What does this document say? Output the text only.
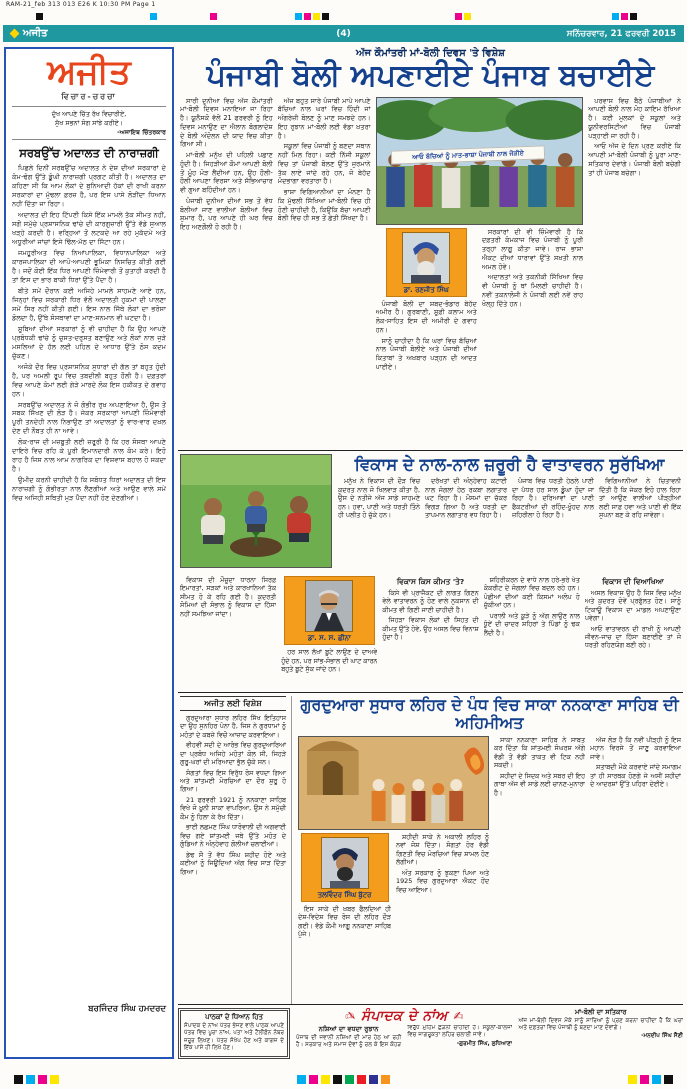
RAM-21_feb 313 013 E26 K 10:30 PM Page 1
ਅਜੀਤ	(4)	ਸਨਿੱਚਰਵਾਰ, 21 ਫਰਵਰੀ 2015
ਅਜੀਤ
ਵਿਚਾਰ-ਚਰਚਾ
ਦੁੱਖ ਆਪਣੇ ਚਿੱਤ ਰੱਖ ਵਿਚਾਰੀਏ,
ਸੁੱਖ ਸਭਨਾਂ ਸੰਗ ਸਾਂਝੇ ਕਰੀਏ।
-ਅਜਾਇਬ ਚਿੱਤਰਕਾਰ
ਸਰਬਉੱਚ ਅਦਾਲਤ ਦੀ ਨਾਰਾਜ਼ਗੀ

ਪਿਛਲੇ ਦਿਨੀਂ ਸਰਬਉੱਚ ਅਦਾਲਤ ਨੇ ਦੇਸ਼ ਦੀਆਂ ਸਰਕਾਰਾਂ ਦੇ ਕੰਮ-ਢੰਗ ਉੱਤੇ ਡੂੰਘੀ ਨਾਰਾਜ਼ਗੀ ਪ੍ਰਗਟ ਕੀਤੀ ਹੈ। ਅਦਾਲਤ ਦਾ ਕਹਿਣਾ ਸੀ ਕਿ ਆਮ ਲੋਕਾਂ ਦੇ ਬੁਨਿਆਦੀ ਹੱਕਾਂ ਦੀ ਰਾਖੀ ਕਰਨਾ ਸਰਕਾਰਾਂ ਦਾ ਮੁੱਢਲਾ ਫ਼ਰਜ਼ ਹੈ, ਪਰ ਇਸ ਪਾਸੇ ਲੋੜੀਂਦਾ ਧਿਆਨ ਨਹੀਂ ਦਿੱਤਾ ਜਾ ਰਿਹਾ।

ਅਦਾਲਤ ਦੀ ਇਹ ਟਿੱਪਣੀ ਕਿਸੇ ਇੱਕ ਮਾਮਲੇ ਤੱਕ ਸੀਮਤ ਨਹੀਂ, ਸਗੋਂ ਸਮੁੱਚੇ ਪ੍ਰਸ਼ਾਸਨਿਕ ਢਾਂਚੇ ਦੀ ਕਾਰਗੁਜ਼ਾਰੀ ਉੱਤੇ ਵੱਡੇ ਸੁਆਲ ਖੜ੍ਹੇ ਕਰਦੀ ਹੈ। ਵਰ੍ਹਿਆਂ ਤੋਂ ਲਟਕਦੇ ਆ ਰਹੇ ਮੁਕੱਦਮੇ ਅਤੇ ਅਧੂਰੀਆਂ ਜਾਂਚਾਂ ਇਸੇ ਢਿੱਲ-ਮੱਠ ਦਾ ਸਿੱਟਾ ਹਨ।

ਜਮਹੂਰੀਅਤ ਵਿਚ ਨਿਆਂਪਾਲਿਕਾ, ਵਿਧਾਨਪਾਲਿਕਾ ਅਤੇ ਕਾਰਜਪਾਲਿਕਾ ਦੀ ਆਪੋ-ਆਪਣੀ ਭੂਮਿਕਾ ਨਿਸਚਿਤ ਕੀਤੀ ਗਈ ਹੈ। ਜਦੋਂ ਕੋਈ ਇੱਕ ਧਿਰ ਆਪਣੀ ਜ਼ਿੰਮੇਵਾਰੀ ਤੋਂ ਕੁਤਾਹੀ ਕਰਦੀ ਹੈ ਤਾਂ ਇਸ ਦਾ ਭਾਰ ਬਾਕੀ ਧਿਰਾਂ ਉੱਤੇ ਪੈਂਦਾ ਹੈ।

ਬੀਤੇ ਸਮੇਂ ਦੌਰਾਨ ਕਈ ਅਜਿਹੇ ਮਾਮਲੇ ਸਾਹਮਣੇ ਆਏ ਹਨ, ਜਿਨ੍ਹਾਂ ਵਿਚ ਸਰਕਾਰੀ ਧਿਰ ਵੱਲੋਂ ਅਦਾਲਤੀ ਹੁਕਮਾਂ ਦੀ ਪਾਲਣਾ ਸਮੇਂ ਸਿਰ ਨਹੀਂ ਕੀਤੀ ਗਈ। ਇਸ ਨਾਲ ਜਿੱਥੇ ਲੋਕਾਂ ਦਾ ਭਰੋਸਾ ਡੋਲਦਾ ਹੈ, ਉੱਥੇ ਸੰਸਥਾਵਾਂ ਦਾ ਮਾਣ-ਸਨਮਾਨ ਵੀ ਘਟਦਾ ਹੈ।

ਸੂਬਿਆਂ ਦੀਆਂ ਸਰਕਾਰਾਂ ਨੂੰ ਵੀ ਚਾਹੀਦਾ ਹੈ ਕਿ ਉਹ ਆਪਣੇ ਪ੍ਰਬੰਧਕੀ ਢਾਂਚੇ ਨੂੰ ਚੁਸਤ-ਦਰੁਸਤ ਬਣਾਉਣ ਅਤੇ ਲੋਕਾਂ ਨਾਲ ਜੁੜੇ ਮਸਲਿਆਂ ਦੇ ਹੱਲ ਲਈ ਪਹਿਲ ਦੇ ਆਧਾਰ ਉੱਤੇ ਠੋਸ ਕਦਮ ਚੁੱਕਣ।

ਅਜੋਕੇ ਦੌਰ ਵਿਚ ਪ੍ਰਸ਼ਾਸਨਿਕ ਸੁਧਾਰਾਂ ਦੀ ਗੱਲ ਤਾਂ ਬਹੁਤ ਹੁੰਦੀ ਹੈ, ਪਰ ਅਮਲੀ ਰੂਪ ਵਿਚ ਤਬਦੀਲੀ ਬਹੁਤ ਹੌਲੀ ਹੈ। ਦਫ਼ਤਰਾਂ ਵਿਚ ਆਪਣੇ ਕੰਮਾਂ ਲਈ ਗੇੜੇ ਮਾਰਦੇ ਲੋਕ ਇਸ ਹਕੀਕਤ ਦੇ ਗਵਾਹ ਹਨ।

ਸਰਬਉੱਚ ਅਦਾਲਤ ਨੇ ਜੋ ਗੰਭੀਰ ਰੁਖ਼ ਅਪਣਾਇਆ ਹੈ, ਉਸ ਤੋਂ ਸਬਕ ਸਿੱਖਣ ਦੀ ਲੋੜ ਹੈ। ਜੇਕਰ ਸਰਕਾਰਾਂ ਆਪਣੀ ਜ਼ਿੰਮੇਵਾਰੀ ਪੂਰੀ ਤਨਦੇਹੀ ਨਾਲ ਨਿਭਾਉਣ ਤਾਂ ਅਦਾਲਤਾਂ ਨੂੰ ਵਾਰ-ਵਾਰ ਦਖ਼ਲ ਦੇਣ ਦੀ ਨੌਬਤ ਹੀ ਨਾ ਆਵੇ।

ਲੋਕ-ਰਾਜ ਦੀ ਮਜ਼ਬੂਤੀ ਲਈ ਜ਼ਰੂਰੀ ਹੈ ਕਿ ਹਰ ਸੰਸਥਾ ਆਪਣੇ ਦਾਇਰੇ ਵਿਚ ਰਹਿ ਕੇ ਪੂਰੀ ਇਮਾਨਦਾਰੀ ਨਾਲ ਕੰਮ ਕਰੇ। ਇਹੋ ਰਾਹ ਹੈ ਜਿਸ ਨਾਲ ਆਮ ਨਾਗਰਿਕ ਦਾ ਵਿਸ਼ਵਾਸ ਬਹਾਲ ਹੋ ਸਕਦਾ ਹੈ।

ਉਮੀਦ ਕਰਨੀ ਚਾਹੀਦੀ ਹੈ ਕਿ ਸਬੰਧਤ ਧਿਰਾਂ ਅਦਾਲਤ ਦੀ ਇਸ ਨਾਰਾਜ਼ਗੀ ਨੂੰ ਗੰਭੀਰਤਾ ਨਾਲ ਲੈਣਗੀਆਂ ਅਤੇ ਆਉਣ ਵਾਲੇ ਸਮੇਂ ਵਿਚ ਅਜਿਹੀ ਸਥਿਤੀ ਮੁੜ ਪੈਦਾ ਨਹੀਂ ਹੋਣ ਦੇਣਗੀਆਂ।

ਬਰਜਿੰਦਰ ਸਿੰਘ ਹਮਦਰਦ
ਅੱਜ ਕੌਮਾਂਤਰੀ ਮਾਂ-ਬੋਲੀ ਦਿਵਸ 'ਤੇ ਵਿਸ਼ੇਸ਼
ਪੰਜਾਬੀ ਬੋਲੀ ਅਪਣਾਈਏ ਪੰਜਾਬ ਬਚਾਈਏ

ਸਾਰੀ ਦੁਨੀਆ ਵਿਚ ਅੱਜ ਕੌਮਾਂਤਰੀ ਮਾਂ-ਬੋਲੀ ਦਿਵਸ ਮਨਾਇਆ ਜਾ ਰਿਹਾ ਹੈ। ਯੂਨੈਸਕੋ ਵੱਲੋਂ 21 ਫਰਵਰੀ ਨੂੰ ਇਹ ਦਿਵਸ ਮਨਾਉਣ ਦਾ ਐਲਾਨ ਬੰਗਲਾਦੇਸ਼ ਦੇ ਬੋਲੀ ਅੰਦੋਲਨ ਦੀ ਯਾਦ ਵਿਚ ਕੀਤਾ ਗਿਆ ਸੀ।

ਮਾਂ-ਬੋਲੀ ਮਨੁੱਖ ਦੀ ਪਹਿਲੀ ਪਛਾਣ ਹੁੰਦੀ ਹੈ। ਜਿਹੜੀਆਂ ਕੌਮਾਂ ਆਪਣੀ ਬੋਲੀ ਤੋਂ ਮੂੰਹ ਮੋੜ ਲੈਂਦੀਆਂ ਹਨ, ਉਹ ਹੌਲੀ-ਹੌਲੀ ਆਪਣਾ ਵਿਰਸਾ ਅਤੇ ਸੱਭਿਆਚਾਰ ਵੀ ਗੁਆ ਬਹਿੰਦੀਆਂ ਹਨ।

ਪੰਜਾਬੀ ਦੁਨੀਆ ਦੀਆਂ ਸਭ ਤੋਂ ਵੱਧ ਬੋਲੀਆਂ ਜਾਣ ਵਾਲੀਆਂ ਬੋਲੀਆਂ ਵਿਚ ਸ਼ੁਮਾਰ ਹੈ, ਪਰ ਆਪਣੇ ਹੀ ਘਰ ਵਿਚ ਇਹ ਅਣਗੌਲੀ ਹੋ ਰਹੀ ਹੈ।

ਅੱਜ ਬਹੁਤ ਸਾਰੇ ਪੰਜਾਬੀ ਮਾਪੇ ਆਪਣੇ ਬੱਚਿਆਂ ਨਾਲ ਘਰਾਂ ਵਿਚ ਹਿੰਦੀ ਜਾਂ ਅੰਗਰੇਜ਼ੀ ਬੋਲਣ ਨੂੰ ਮਾਣ ਸਮਝਦੇ ਹਨ। ਇਹ ਰੁਝਾਨ ਮਾਂ-ਬੋਲੀ ਲਈ ਵੱਡਾ ਖ਼ਤਰਾ ਹੈ।

ਸਕੂਲਾਂ ਵਿਚ ਪੰਜਾਬੀ ਨੂੰ ਬਣਦਾ ਸਥਾਨ ਨਹੀਂ ਮਿਲ ਰਿਹਾ। ਕਈ ਨਿੱਜੀ ਸਕੂਲਾਂ ਵਿਚ ਤਾਂ ਪੰਜਾਬੀ ਬੋਲਣ ਉੱਤੇ ਜੁਰਮਾਨੇ ਤੱਕ ਲਾਏ ਜਾਂਦੇ ਰਹੇ ਹਨ, ਜੋ ਬੇਹੱਦ ਮੰਦਭਾਗਾ ਵਰਤਾਰਾ ਹੈ।

ਭਾਸ਼ਾ ਵਿਗਿਆਨੀਆਂ ਦਾ ਮੰਨਣਾ ਹੈ ਕਿ ਮੁੱਢਲੀ ਸਿੱਖਿਆ ਮਾਂ-ਬੋਲੀ ਵਿਚ ਹੀ ਹੋਣੀ ਚਾਹੀਦੀ ਹੈ, ਕਿਉਂਕਿ ਬੱਚਾ ਆਪਣੀ ਬੋਲੀ ਵਿਚ ਹੀ ਸਭ ਤੋਂ ਛੇਤੀ ਸਿੱਖਦਾ ਹੈ।

ਆਓ ਬੱਚਿਆਂ ਨੂੰ ਮਾਤ-ਭਾਸ਼ਾ ਪੰਜਾਬੀ ਨਾਲ ਜੋੜੀਏ
ਡਾ. ਰਣਜੀਤ ਸਿੰਘ

ਪੰਜਾਬੀ ਬੋਲੀ ਦਾ ਸ਼ਬਦ-ਭੰਡਾਰ ਬੇਹੱਦ ਅਮੀਰ ਹੈ। ਗੁਰਬਾਣੀ, ਸੂਫ਼ੀ ਕਲਾਮ ਅਤੇ ਲੋਕ-ਸਾਹਿਤ ਇਸ ਦੀ ਅਮੀਰੀ ਦੇ ਗਵਾਹ ਹਨ।

ਸਾਨੂੰ ਚਾਹੀਦਾ ਹੈ ਕਿ ਘਰਾਂ ਵਿਚ ਬੱਚਿਆਂ ਨਾਲ ਪੰਜਾਬੀ ਬੋਲੀਏ ਅਤੇ ਪੰਜਾਬੀ ਦੀਆਂ ਕਿਤਾਬਾਂ ਤੇ ਅਖ਼ਬਾਰ ਪੜ੍ਹਨ ਦੀ ਆਦਤ ਪਾਈਏ।

ਸਰਕਾਰਾਂ ਦੀ ਵੀ ਜ਼ਿੰਮੇਵਾਰੀ ਹੈ ਕਿ ਦਫ਼ਤਰੀ ਕੰਮਕਾਜ ਵਿਚ ਪੰਜਾਬੀ ਨੂੰ ਪੂਰੀ ਤਰ੍ਹਾਂ ਲਾਗੂ ਕੀਤਾ ਜਾਵੇ। ਰਾਜ ਭਾਸ਼ਾ ਐਕਟ ਦੀਆਂ ਧਾਰਾਵਾਂ ਉੱਤੇ ਸਖ਼ਤੀ ਨਾਲ ਅਮਲ ਹੋਵੇ।

ਅਦਾਲਤਾਂ ਅਤੇ ਤਕਨੀਕੀ ਸਿੱਖਿਆ ਵਿਚ ਵੀ ਪੰਜਾਬੀ ਨੂੰ ਥਾਂ ਮਿਲਣੀ ਚਾਹੀਦੀ ਹੈ। ਨਵੀਂ ਤਕਨਾਲੋਜੀ ਨੇ ਪੰਜਾਬੀ ਲਈ ਨਵੇਂ ਰਾਹ ਖੋਲ੍ਹ ਦਿੱਤੇ ਹਨ।

ਪਰਵਾਸ ਵਿਚ ਬੈਠੇ ਪੰਜਾਬੀਆਂ ਨੇ ਆਪਣੀ ਬੋਲੀ ਨਾਲ ਮੋਹ ਕਾਇਮ ਰੱਖਿਆ ਹੈ। ਕਈ ਮੁਲਕਾਂ ਦੇ ਸਕੂਲਾਂ ਅਤੇ ਯੂਨੀਵਰਸਿਟੀਆਂ ਵਿਚ ਪੰਜਾਬੀ ਪੜ੍ਹਾਈ ਜਾ ਰਹੀ ਹੈ।

ਆਓ ਅੱਜ ਦੇ ਦਿਨ ਪ੍ਰਣ ਕਰੀਏ ਕਿ ਆਪਣੀ ਮਾਂ-ਬੋਲੀ ਪੰਜਾਬੀ ਨੂੰ ਪੂਰਾ ਮਾਣ-ਸਤਿਕਾਰ ਦੇਵਾਂਗੇ। ਪੰਜਾਬੀ ਬੋਲੀ ਬਚੇਗੀ ਤਾਂ ਹੀ ਪੰਜਾਬ ਬਚੇਗਾ।

ਵਿਕਾਸ ਦੇ ਨਾਲ-ਨਾਲ ਜ਼ਰੂਰੀ ਹੈ ਵਾਤਾਵਰਨ ਸੁਰੱਖਿਆ

ਮਨੁੱਖ ਨੇ ਵਿਕਾਸ ਦੀ ਦੌੜ ਵਿਚ ਕੁਦਰਤ ਨਾਲ ਜੋ ਖਿਲਵਾੜ ਕੀਤਾ ਹੈ, ਉਸ ਦੇ ਨਤੀਜੇ ਅੱਜ ਸਾਡੇ ਸਾਹਮਣੇ ਹਨ। ਹਵਾ, ਪਾਣੀ ਅਤੇ ਧਰਤੀ ਤਿੰਨੇ ਹੀ ਪਲੀਤ ਹੋ ਚੁੱਕੇ ਹਨ।

ਦਰੱਖਤਾਂ ਦੀ ਅੰਨ੍ਹੇਵਾਹ ਕਟਾਈ ਨਾਲ ਜੰਗਲਾਂ ਹੇਠ ਰਕਬਾ ਲਗਾਤਾਰ ਘਟ ਰਿਹਾ ਹੈ। ਮੌਸਮਾਂ ਦਾ ਚੱਕਰ ਵਿਗੜ ਗਿਆ ਹੈ ਅਤੇ ਧਰਤੀ ਦਾ ਤਾਪਮਾਨ ਲਗਾਤਾਰ ਵਧ ਰਿਹਾ ਹੈ।

ਪੰਜਾਬ ਵਿਚ ਧਰਤੀ ਹੇਠਲੇ ਪਾਣੀ ਦਾ ਪੱਧਰ ਹਰ ਸਾਲ ਡੂੰਘਾ ਹੁੰਦਾ ਜਾ ਰਿਹਾ ਹੈ। ਦਰਿਆਵਾਂ ਦਾ ਪਾਣੀ ਫੈਕਟਰੀਆਂ ਦੀ ਰਹਿੰਦ-ਖੂੰਹਦ ਨਾਲ ਜ਼ਹਿਰੀਲਾ ਹੋ ਰਿਹਾ ਹੈ।

ਵਿਗਿਆਨੀਆਂ ਨੇ ਚਿਤਾਵਨੀ ਦਿੱਤੀ ਹੈ ਕਿ ਜੇਕਰ ਇਹੋ ਹਾਲ ਰਿਹਾ ਤਾਂ ਆਉਣ ਵਾਲੀਆਂ ਪੀੜ੍ਹੀਆਂ ਲਈ ਸਾਫ਼ ਹਵਾ ਅਤੇ ਪਾਣੀ ਵੀ ਇੱਕ ਸੁਪਨਾ ਬਣ ਕੇ ਰਹਿ ਜਾਵੇਗਾ।

ਵਿਕਾਸ ਦੀ ਮੌਜੂਦਾ ਧਾਰਨਾ ਸਿਰਫ਼ ਇਮਾਰਤਾਂ, ਸੜਕਾਂ ਅਤੇ ਕਾਰਖਾਨਿਆਂ ਤੱਕ ਸੀਮਤ ਹੋ ਕੇ ਰਹਿ ਗਈ ਹੈ। ਕੁਦਰਤੀ ਸੋਮਿਆਂ ਦੀ ਸੰਭਾਲ ਨੂੰ ਵਿਕਾਸ ਦਾ ਹਿੱਸਾ ਨਹੀਂ ਸਮਝਿਆ ਜਾਂਦਾ।

ਡਾ. ਸ. ਸ. ਛੀਨਾ

ਹਰ ਸਾਲ ਲੱਖਾਂ ਬੂਟੇ ਲਾਉਣ ਦੇ ਦਾਅਵੇ ਹੁੰਦੇ ਹਨ, ਪਰ ਸਾਂਭ-ਸੰਭਾਲ ਦੀ ਘਾਟ ਕਾਰਨ ਬਹੁਤੇ ਬੂਟੇ ਸੁੱਕ ਜਾਂਦੇ ਹਨ।

ਵਿਕਾਸ ਕਿਸ ਕੀਮਤ 'ਤੇ?

ਕਿਸੇ ਵੀ ਪ੍ਰਾਜੈਕਟ ਦੀ ਲਾਗਤ ਗਿਣਨ ਵੇਲੇ ਵਾਤਾਵਰਨ ਨੂੰ ਹੋਣ ਵਾਲੇ ਨੁਕਸਾਨ ਦੀ ਕੀਮਤ ਵੀ ਗਿਣੀ ਜਾਣੀ ਚਾਹੀਦੀ ਹੈ।

ਜਿਹੜਾ ਵਿਕਾਸ ਲੋਕਾਂ ਦੀ ਸਿਹਤ ਦੀ ਕੀਮਤ ਉੱਤੇ ਹੋਵੇ, ਉਹ ਅਸਲ ਵਿਚ ਵਿਨਾਸ਼ ਹੁੰਦਾ ਹੈ।

ਸ਼ਹਿਰੀਕਰਨ ਦੇ ਵਾਧੇ ਨਾਲ ਹਰੇ-ਭਰੇ ਖੇਤ ਕੰਕਰੀਟ ਦੇ ਜੰਗਲਾਂ ਵਿਚ ਬਦਲ ਰਹੇ ਹਨ। ਪੰਛੀਆਂ ਦੀਆਂ ਕਈ ਕਿਸਮਾਂ ਅਲੋਪ ਹੋ ਚੁੱਕੀਆਂ ਹਨ।

ਪਰਾਲੀ ਅਤੇ ਕੂੜੇ ਨੂੰ ਅੱਗ ਲਾਉਣ ਨਾਲ ਧੂੰਏਂ ਦੀ ਚਾਦਰ ਸ਼ਹਿਰਾਂ ਤੇ ਪਿੰਡਾਂ ਨੂੰ ਢਕ ਲੈਂਦੀ ਹੈ।

ਵਿਕਾਸ ਦੀ ਵਿਆਖਿਆ

ਅਸਲ ਵਿਕਾਸ ਉਹ ਹੈ ਜਿਸ ਵਿਚ ਮਨੁੱਖ ਅਤੇ ਕੁਦਰਤ ਦੋਵੇਂ ਪ੍ਰਫੁੱਲਤ ਹੋਣ। ਸਾਨੂੰ ਟਿਕਾਊ ਵਿਕਾਸ ਦਾ ਮਾਡਲ ਅਪਣਾਉਣਾ ਪਵੇਗਾ।

ਆਓ ਵਾਤਾਵਰਨ ਦੀ ਰਾਖੀ ਨੂੰ ਆਪਣੀ ਜੀਵਨ-ਜਾਚ ਦਾ ਹਿੱਸਾ ਬਣਾਈਏ ਤਾਂ ਜੋ ਧਰਤੀ ਰਹਿਣਯੋਗ ਬਣੀ ਰਹੇ।

ਅਜੀਤ ਲਈ ਵਿਸ਼ੇਸ਼

ਗੁਰਦੁਆਰਾ ਸੁਧਾਰ ਲਹਿਰ ਸਿੱਖ ਇਤਿਹਾਸ ਦਾ ਉਹ ਸੁਨਹਿਰ ਪੰਨਾ ਹੈ, ਜਿਸ ਨੇ ਗੁਰਧਾਮਾਂ ਨੂੰ ਮਹੰਤਾਂ ਦੇ ਕਬਜ਼ੇ ਵਿਚੋਂ ਆਜ਼ਾਦ ਕਰਵਾਇਆ।

ਵੀਹਵੀਂ ਸਦੀ ਦੇ ਆਰੰਭ ਵਿਚ ਗੁਰਦੁਆਰਿਆਂ ਦਾ ਪ੍ਰਬੰਧ ਅਜਿਹੇ ਮਹੰਤਾਂ ਕੋਲ ਸੀ, ਜਿਹੜੇ ਗੁਰੂ-ਘਰਾਂ ਦੀ ਮਰਿਆਦਾ ਭੁੱਲ ਚੁੱਕੇ ਸਨ।

ਸੰਗਤਾਂ ਵਿਚ ਇਸ ਵਿਰੁੱਧ ਰੋਸ ਵਧਦਾ ਗਿਆ ਅਤੇ ਸ਼ਾਂਤਮਈ ਮੋਰਚਿਆਂ ਦਾ ਦੌਰ ਸ਼ੁਰੂ ਹੋ ਗਿਆ।

21 ਫਰਵਰੀ 1921 ਨੂੰ ਨਨਕਾਣਾ ਸਾਹਿਬ ਵਿਖੇ ਜੋ ਖ਼ੂਨੀ ਸਾਕਾ ਵਾਪਰਿਆ, ਉਸ ਨੇ ਸਮੁੱਚੀ ਕੌਮ ਨੂੰ ਹਿਲਾ ਕੇ ਰੱਖ ਦਿੱਤਾ।

ਭਾਈ ਲਛਮਣ ਸਿੰਘ ਧਾਰੋਵਾਲੀ ਦੀ ਅਗਵਾਈ ਵਿਚ ਗਏ ਸ਼ਾਂਤਮਈ ਜਥੇ ਉੱਤੇ ਮਹੰਤ ਦੇ ਗੁੰਡਿਆਂ ਨੇ ਅੰਨ੍ਹੇਵਾਹ ਗੋਲੀਆਂ ਚਲਾਈਆਂ।

ਡੇਢ ਸੌ ਤੋਂ ਵੱਧ ਸਿੰਘ ਸ਼ਹੀਦ ਹੋਏ ਅਤੇ ਕਈਆਂ ਨੂੰ ਜਿਊਂਦਿਆਂ ਅੱਗ ਵਿਚ ਸਾੜ ਦਿੱਤਾ ਗਿਆ।

ਗੁਰਦੁਆਰਾ ਸੁਧਾਰ ਲਹਿਰ ਦੇ ਪੰਧ ਵਿਚ ਸਾਕਾ ਨਨਕਾਣਾ ਸਾਹਿਬ ਦੀ ਅਹਿਮੀਅਤ
ਤਲਵਿੰਦਰ ਸਿੰਘ ਬੁੱਟਰ

ਇਸ ਸਾਕੇ ਦੀ ਖ਼ਬਰ ਫੈਲਦਿਆਂ ਹੀ ਦੇਸ਼-ਵਿਦੇਸ਼ ਵਿਚ ਰੋਸ ਦੀ ਲਹਿਰ ਦੌੜ ਗਈ। ਵੱਡੇ ਕੌਮੀ ਆਗੂ ਨਨਕਾਣਾ ਸਾਹਿਬ ਪੁੱਜੇ।

ਸ਼ਹੀਦੀ ਸਾਕੇ ਨੇ ਅਕਾਲੀ ਲਹਿਰ ਨੂੰ ਨਵਾਂ ਜੋਸ਼ ਦਿੱਤਾ। ਸੰਗਤਾਂ ਹੋਰ ਵੱਡੀ ਗਿਣਤੀ ਵਿਚ ਮੋਰਚਿਆਂ ਵਿਚ ਸ਼ਾਮਲ ਹੋਣ ਲੱਗੀਆਂ।

ਅੰਤ ਸਰਕਾਰ ਨੂੰ ਝੁਕਣਾ ਪਿਆ ਅਤੇ 1925 ਵਿਚ ਗੁਰਦੁਆਰਾ ਐਕਟ ਹੋਂਦ ਵਿਚ ਆਇਆ।

ਸਾਕਾ ਨਨਕਾਣਾ ਸਾਹਿਬ ਨੇ ਸਾਬਤ ਕਰ ਦਿੱਤਾ ਕਿ ਸ਼ਾਂਤਮਈ ਸੰਘਰਸ਼ ਅੱਗੇ ਵੱਡੀ ਤੋਂ ਵੱਡੀ ਤਾਕਤ ਵੀ ਟਿਕ ਨਹੀਂ ਸਕਦੀ।

ਸ਼ਹੀਦਾਂ ਦੇ ਸਿਦਕ ਅਤੇ ਸਬਰ ਦੀ ਇਹ ਗਾਥਾ ਅੱਜ ਵੀ ਸਾਡੇ ਲਈ ਚਾਨਣ-ਮੁਨਾਰਾ ਹੈ।

ਅੱਜ ਲੋੜ ਹੈ ਕਿ ਨਵੀਂ ਪੀੜ੍ਹੀ ਨੂੰ ਇਸ ਮਹਾਨ ਵਿਰਸੇ ਤੋਂ ਜਾਣੂ ਕਰਵਾਇਆ ਜਾਵੇ।

ਸ਼ਤਾਬਦੀ ਮੌਕੇ ਕਰਵਾਏ ਜਾਂਦੇ ਸਮਾਗਮ ਤਾਂ ਹੀ ਸਾਰਥਕ ਹੋਣਗੇ ਜੇ ਅਸੀਂ ਸ਼ਹੀਦਾਂ ਦੇ ਆਦਰਸ਼ਾਂ ਉੱਤੇ ਪਹਿਰਾ ਦੇਈਏ।

ਪਾਠਕਾਂ ਦੇ ਧਿਆਨ ਹਿਤ
ਸੰਪਾਦਕ ਦੇ ਨਾਂਅ ਪੱਤਰ ਭੇਜਣ ਵਾਲੇ ਪਾਠਕ ਆਪਣੇ ਪੱਤਰ ਵਿਚ ਪੂਰਾ ਨਾਂਅ, ਪਤਾ ਅਤੇ ਟੈਲੀਫ਼ੋਨ ਨੰਬਰ ਜ਼ਰੂਰ ਲਿਖਣ। ਪੱਤਰ ਸੰਖੇਪ ਹੋਣ ਅਤੇ ਕਾਗਜ਼ ਦੇ ਇੱਕ ਪਾਸੇ ਹੀ ਲਿਖੇ ਹੋਣ।
✍ ਸੰਪਾਦਕ ਦੇ ਨਾਂਅ ✍
ਨਸ਼ਿਆਂ ਦਾ ਵਧਦਾ ਰੁਝਾਨ
ਪੰਜਾਬ ਦੀ ਜਵਾਨੀ ਨਸ਼ਿਆਂ ਦੀ ਮਾਰ ਹੇਠ ਆ ਰਹੀ ਹੈ। ਸਰਕਾਰ ਅਤੇ ਸਮਾਜ ਦੋਵਾਂ ਨੂੰ ਰਲ ਕੇ ਇਸ ਕੋਹੜ ਵਿਰੁੱਧ ਮੁਹਿੰਮ ਛੇੜਨੀ ਚਾਹੀਦੀ ਹੈ। ਸਕੂਲਾਂ-ਕਾਲਜਾਂ ਵਿਚ ਜਾਗਰੂਕਤਾ ਲਹਿਰ ਚਲਾਈ ਜਾਵੇ।
-ਗੁਰਮੀਤ ਸਿੰਘ, ਲੁਧਿਆਣਾ
ਮਾਂ-ਬੋਲੀ ਦਾ ਸਤਿਕਾਰ
ਅੱਜ ਮਾਂ-ਬੋਲੀ ਦਿਵਸ ਮੌਕੇ ਸਾਨੂੰ ਸਾਰਿਆਂ ਨੂੰ ਪ੍ਰਣ ਕਰਨਾ ਚਾਹੀਦਾ ਹੈ ਕਿ ਘਰਾਂ ਅਤੇ ਦਫ਼ਤਰਾਂ ਵਿਚ ਪੰਜਾਬੀ ਨੂੰ ਬਣਦਾ ਮਾਣ ਦੇਵਾਂਗੇ।
-ਮਨਦੀਪ ਸਿੰਘ ਸੈਣੀ
